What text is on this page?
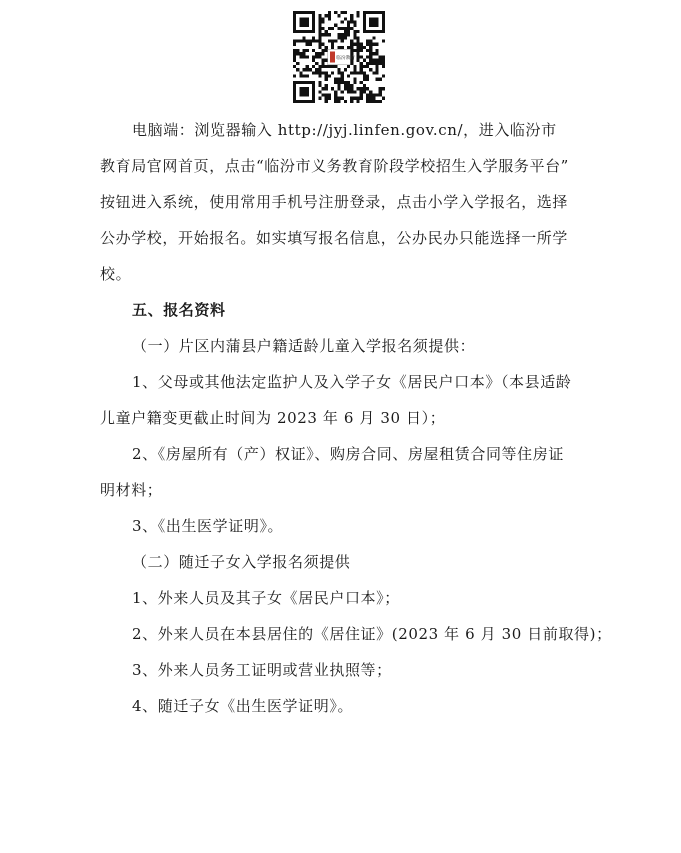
临汾教育

电脑端：浏览器输入 http://jyj.linfen.gov.cn/，进入临汾市

教育局官网首页，点击“临汾市义务教育阶段学校招生入学服务平台”

按钮进入系统，使用常用手机号注册登录，点击小学入学报名，选择

公办学校，开始报名。如实填写报名信息，公办民办只能选择一所学

校。

五、报名资料

（一）片区内蒲县户籍适龄儿童入学报名须提供：

1、父母或其他法定监护人及入学子女《居民户口本》（本县适龄

儿童户籍变更截止时间为 2023 年 6 月 30 日）；

2、《房屋所有（产）权证》、购房合同、房屋租赁合同等住房证

明材料；

3、《出生医学证明》。

（二）随迁子女入学报名须提供

1、外来人员及其子女《居民户口本》；

2、外来人员在本县居住的《居住证》(2023 年 6 月 30 日前取得)；

3、外来人员务工证明或营业执照等；

4、随迁子女《出生医学证明》。
